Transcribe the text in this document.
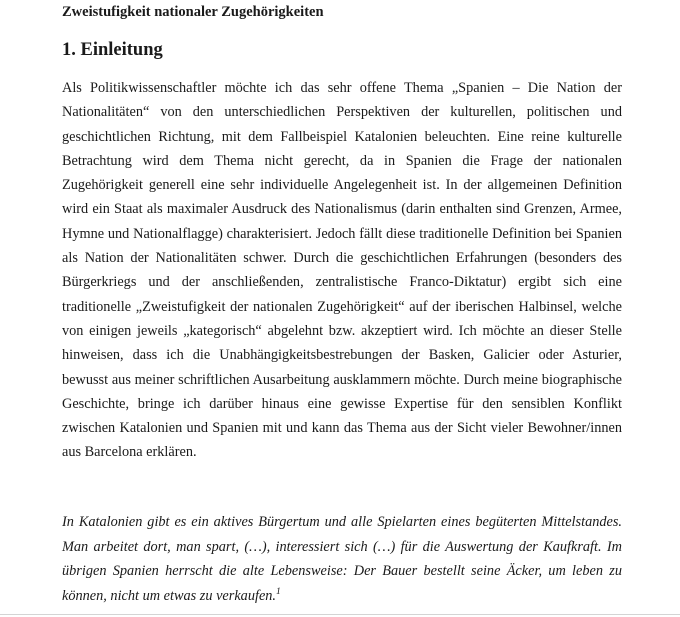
Zweistufigkeit nationaler Zugehörigkeiten
1. Einleitung

Als Politikwissenschaftler möchte ich das sehr offene Thema „Spanien – Die Nation der Nationalitäten“ von den unterschiedlichen Perspektiven der kulturellen, politischen und geschichtlichen Richtung, mit dem Fallbeispiel Katalonien beleuchten. Eine reine kulturelle Betrachtung wird dem Thema nicht gerecht, da in Spanien die Frage der nationalen Zugehörigkeit generell eine sehr individuelle Angelegenheit ist. In der allgemeinen Definition wird ein Staat als maximaler Ausdruck des Nationalismus (darin enthalten sind Grenzen, Armee, Hymne und Nationalflagge) charakterisiert. Jedoch fällt diese traditionelle Definition bei Spanien als Nation der Nationalitäten schwer. Durch die geschichtlichen Erfahrungen (besonders des Bürgerkriegs und der anschließenden, zentralistische Franco-Diktatur) ergibt sich eine traditionelle „Zweistufigkeit der nationalen Zugehörigkeit“ auf der iberischen Halbinsel, welche von einigen jeweils „kategorisch“ abgelehnt bzw. akzeptiert wird. Ich möchte an dieser Stelle hinweisen, dass ich die Unabhängigkeitsbestrebungen der Basken, Galicier oder Asturier, bewusst aus meiner schriftlichen Ausarbeitung ausklammern möchte. Durch meine biographische Geschichte, bringe ich darüber hinaus eine gewisse Expertise für den sensiblen Konflikt zwischen Katalonien und Spanien mit und kann das Thema aus der Sicht vieler Bewohner/innen aus Barcelona erklären.

In Katalonien gibt es ein aktives Bürgertum und alle Spielarten eines begüterten Mittelstandes. Man arbeitet dort, man spart, (…), interessiert sich (…) für die Auswertung der Kaufkraft. Im übrigen Spanien herrscht die alte Lebensweise: Der Bauer bestellt seine Äcker, um leben zu können, nicht um etwas zu verkaufen.$^1$
